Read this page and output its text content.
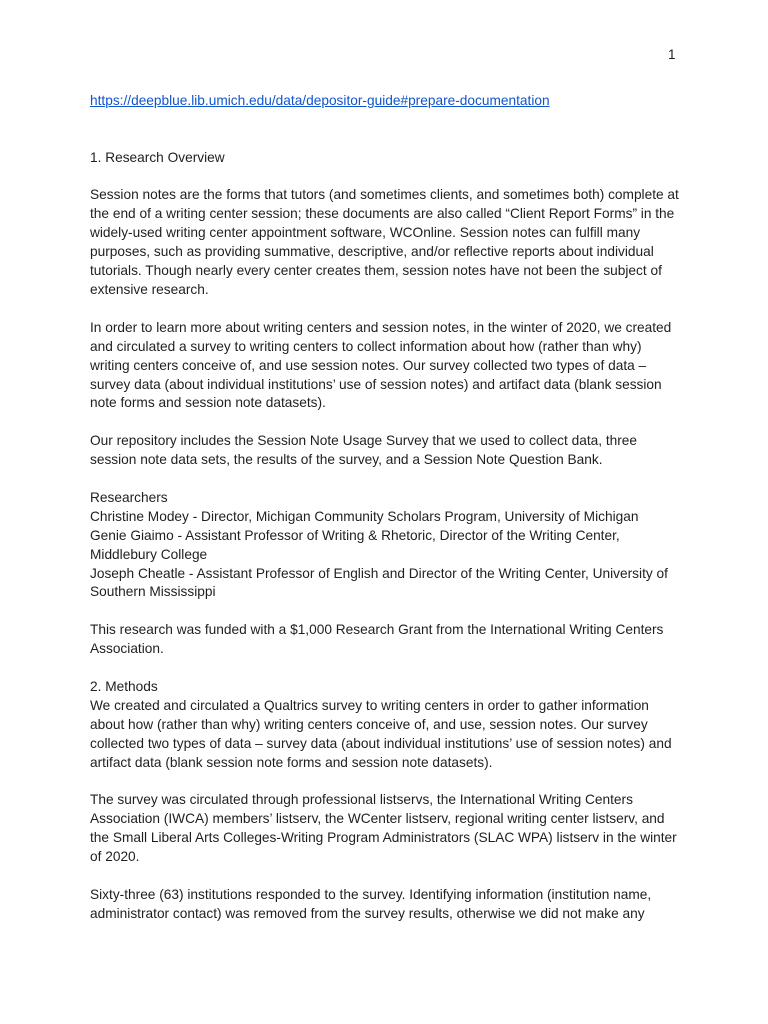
1

https://deepblue.lib.umich.edu/data/depositor-guide#prepare-documentation

1. Research Overview

Session notes are the forms that tutors (and sometimes clients, and sometimes both) complete at the end of a writing center session; these documents are also called “Client Report Forms” in the widely-used writing center appointment software, WCOnline. Session notes can fulfill many purposes, such as providing summative, descriptive, and/or reflective reports about individual tutorials. Though nearly every center creates them, session notes have not been the subject of extensive research.

In order to learn more about writing centers and session notes, in the winter of 2020, we created and circulated a survey to writing centers to collect information about how (rather than why) writing centers conceive of, and use session notes. Our survey collected two types of data – survey data (about individual institutions’ use of session notes) and artifact data (blank session note forms and session note datasets).

Our repository includes the Session Note Usage Survey that we used to collect data, three session note data sets, the results of the survey, and a Session Note Question Bank.

Researchers

Christine Modey - Director, Michigan Community Scholars Program, University of Michigan

Genie Giaimo - Assistant Professor of Writing & Rhetoric, Director of the Writing Center, Middlebury College

Joseph Cheatle - Assistant Professor of English and Director of the Writing Center, University of Southern Mississippi

This research was funded with a $1,000 Research Grant from the International Writing Centers Association.

2. Methods

We created and circulated a Qualtrics survey to writing centers in order to gather information about how (rather than why) writing centers conceive of, and use, session notes. Our survey collected two types of data – survey data (about individual institutions’ use of session notes) and artifact data (blank session note forms and session note datasets).

The survey was circulated through professional listservs, the International Writing Centers Association (IWCA) members’ listserv, the WCenter listserv, regional writing center listserv, and the Small Liberal Arts Colleges-Writing Program Administrators (SLAC WPA) listserv in the winter of 2020.

Sixty-three (63) institutions responded to the survey. Identifying information (institution name, administrator contact) was removed from the survey results, otherwise we did not make any
